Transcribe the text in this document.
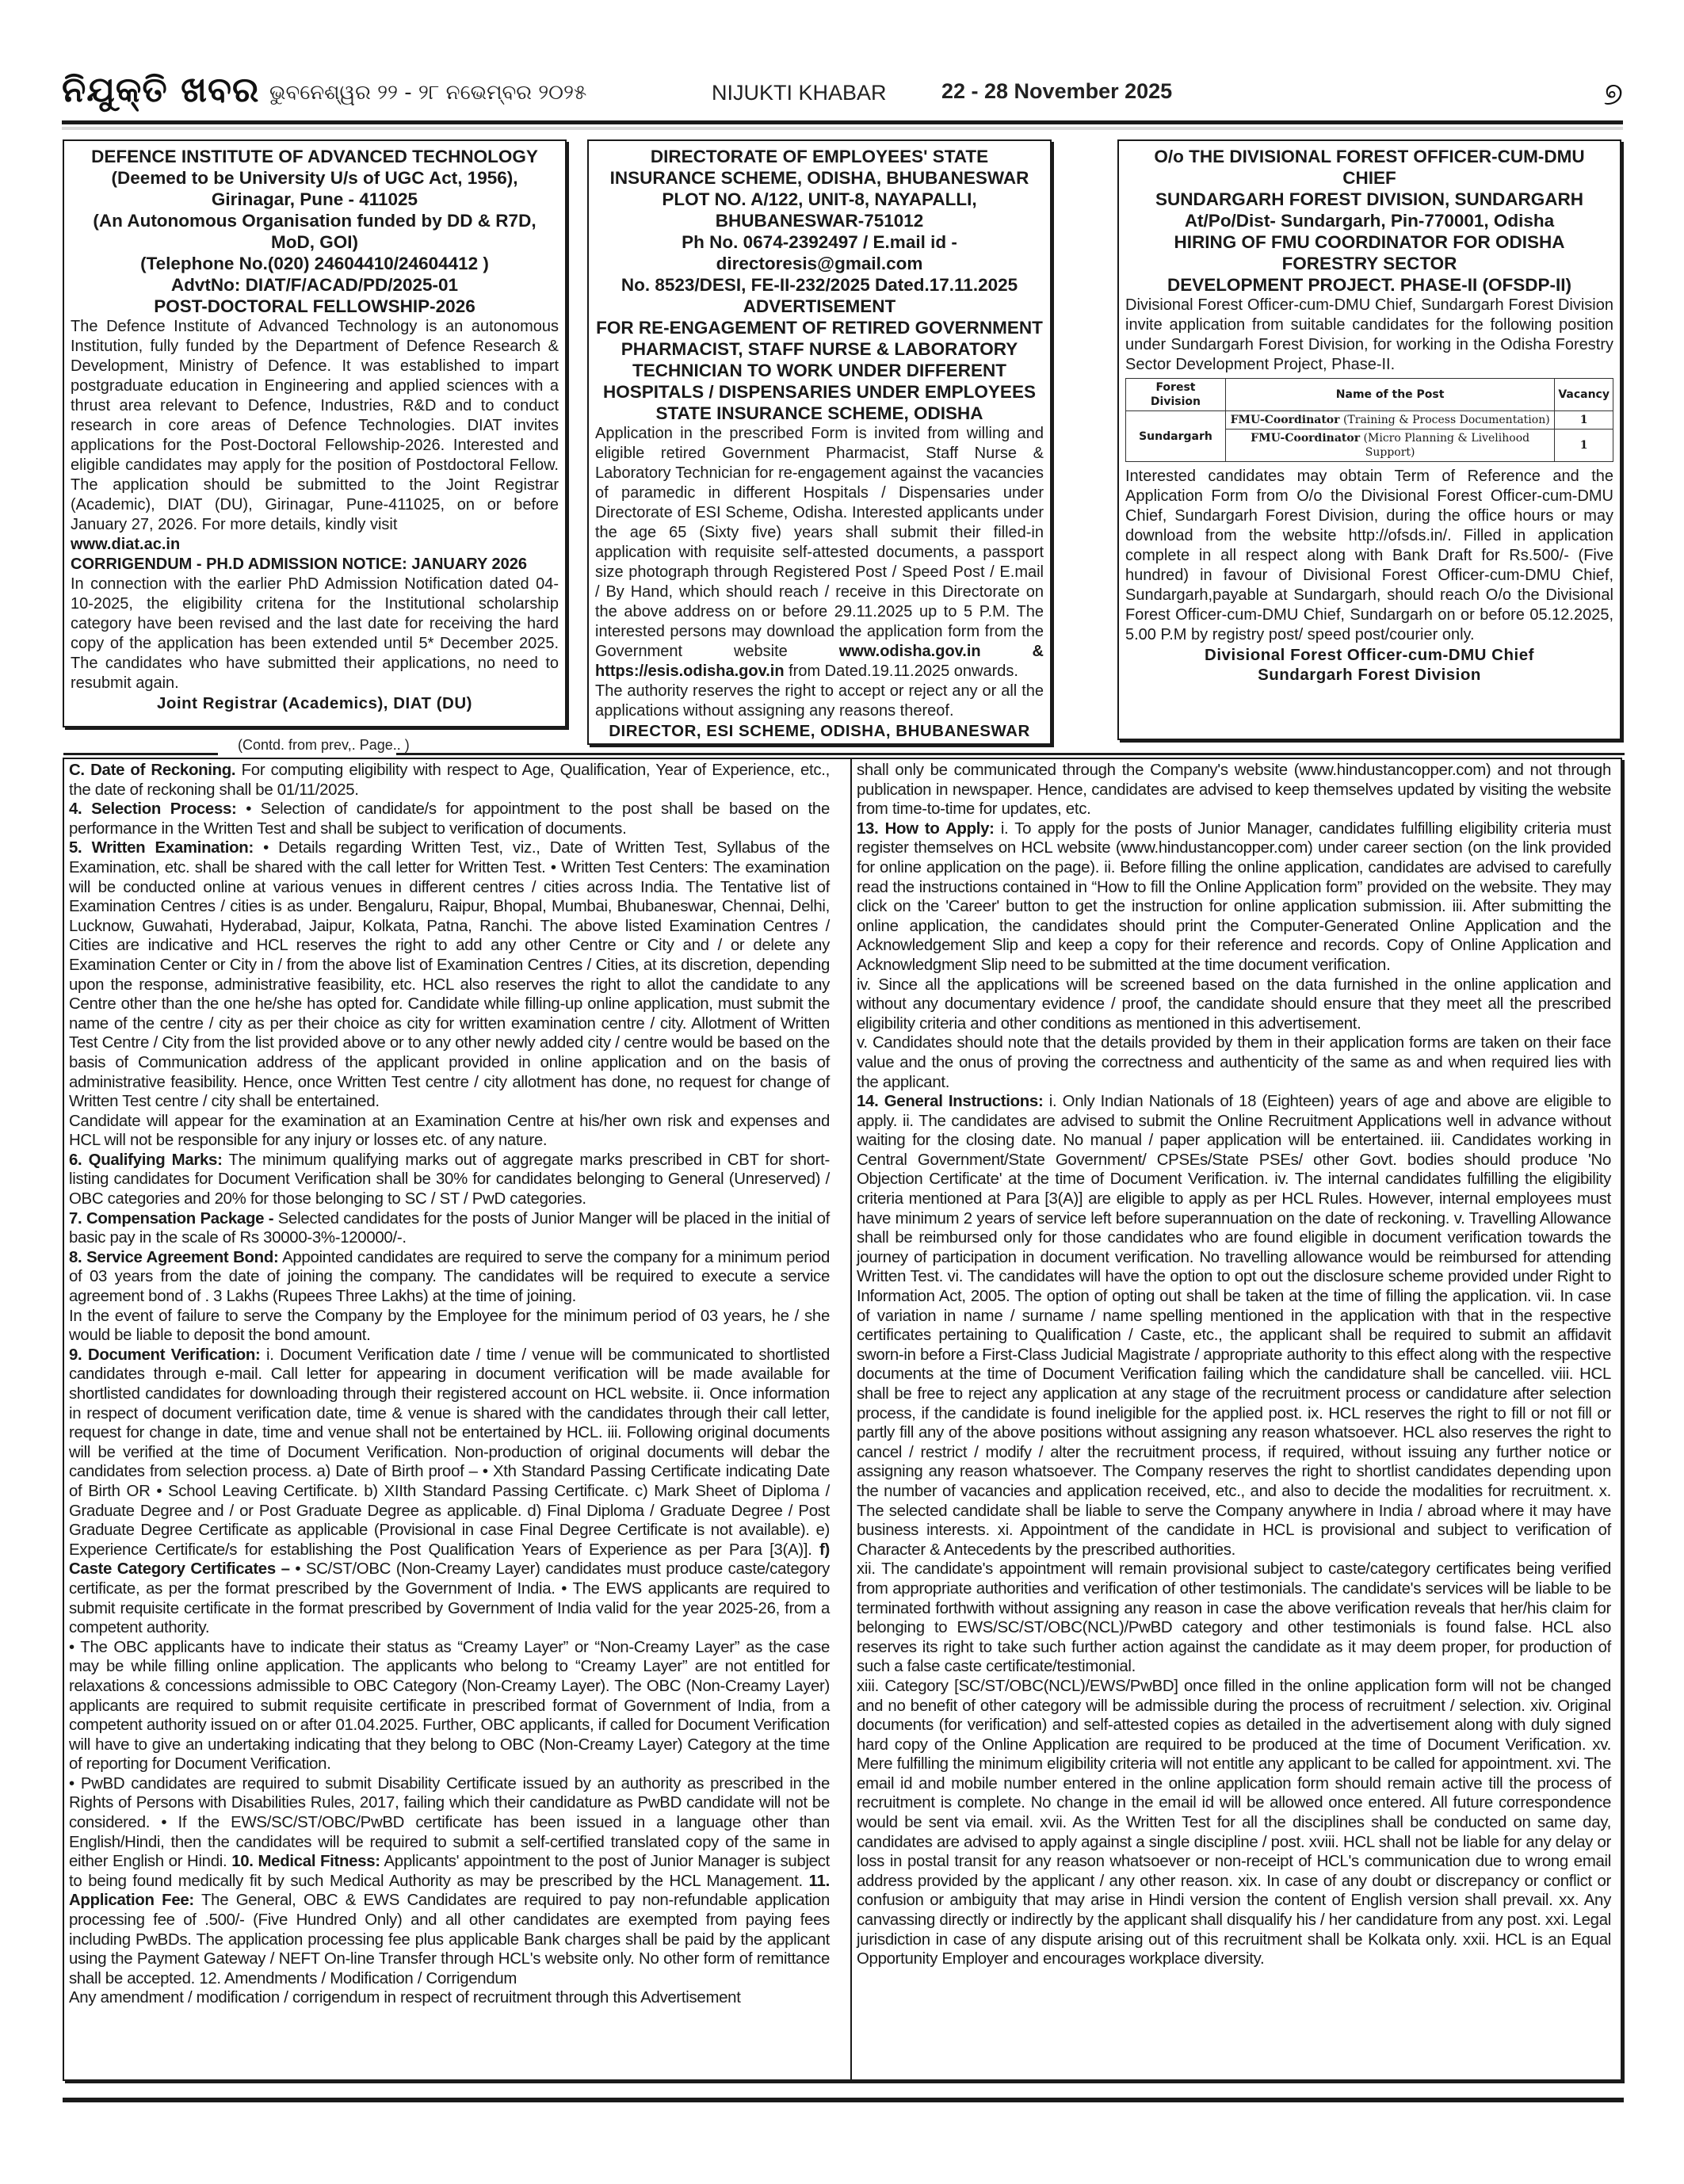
ନିଯୁକ୍ତି ଖବର ଭୁବନେଶ୍ୱର ୨୨ - ୨୮ ନଭେମ୍ବର ୨୦୨୫	NIJUKTI KHABAR	22 - 28 November 2025	୭
DEFENCE INSTITUTE OF ADVANCED TECHNOLOGY
(Deemed to be University U/s of UGC Act, 1956),
Girinagar, Pune - 411025
(An Autonomous Organisation funded by DD & R7D, MoD, GOI)
(Telephone No.(020) 24604410/24604412 )
AdvtNo: DIAT/F/ACAD/PD/2025-01
POST-DOCTORAL FELLOWSHIP-2026
The Defence Institute of Advanced Technology is an autonomous Institution, fully funded by the Department of Defence Research & Development, Ministry of Defence. It was established to impart postgraduate education in Engineering and applied sciences with a thrust area relevant to Defence, Industries, R&D and to conduct research in core areas of Defence Technologies. DIAT invites applications for the Post-Doctoral Fellowship-2026. Interested and eligible candidates may apply for the position of Postdoctoral Fellow. The application should be submitted to the Joint Registrar (Academic), DIAT (DU), Girinagar, Pune-411025, on or before January 27, 2026. For more details, kindly visit
www.diat.ac.in
CORRIGENDUM - PH.D ADMISSION NOTICE: JANUARY 2026
In connection with the earlier PhD Admission Notification dated 04-10-2025, the eligibility critena for the Institutional scholarship category have been revised and the last date for receiving the hard copy of the application has been extended until 5* December 2025. The candidates who have submitted their applications, no need to resubmit again.
Joint Registrar (Academics), DIAT (DU)
DIRECTORATE OF EMPLOYEES' STATE INSURANCE SCHEME, ODISHA, BHUBANESWAR
PLOT NO. A/122, UNIT-8, NAYAPALLI, BHUBANESWAR-751012
Ph No. 0674-2392497 / E.mail id - directoresis@gmail.com
No. 8523/DESI, FE-II-232/2025 Dated.17.11.2025
ADVERTISEMENT
FOR RE-ENGAGEMENT OF RETIRED GOVERNMENT PHARMACIST, STAFF NURSE & LABORATORY TECHNICIAN TO WORK UNDER DIFFERENT HOSPITALS / DISPENSARIES UNDER EMPLOYEES STATE INSURANCE SCHEME, ODISHA
Application in the prescribed Form is invited from willing and eligible retired Government Pharmacist, Staff Nurse & Laboratory Technician for re-engagement against the vacancies of paramedic in different Hospitals / Dispensaries under Directorate of ESI Scheme, Odisha. Interested applicants under the age 65 (Sixty five) years shall submit their filled-in application with requisite self-attested documents, a passport size photograph through Registered Post / Speed Post / E.mail / By Hand, which should reach / receive in this Directorate on the above address on or before 29.11.2025 up to 5 P.M. The interested persons may download the application form from the Government website	www.odisha.gov.in & https://esis.odisha.gov.in from Dated.19.11.2025 onwards.
The authority reserves the right to accept or reject any or all the applications without assigning any reasons thereof.
DIRECTOR, ESI SCHEME, ODISHA, BHUBANESWAR
O/o THE DIVISIONAL FOREST OFFICER-CUM-DMU CHIEF
SUNDARGARH FOREST DIVISION, SUNDARGARH
At/Po/Dist- Sundargarh, Pin-770001, Odisha
HIRING OF FMU COORDINATOR FOR ODISHA FORESTRY SECTOR
DEVELOPMENT PROJECT. PHASE-II (OFSDP-II)
Divisional Forest Officer-cum-DMU Chief, Sundargarh Forest Division invite application from suitable candidates for the following position under Sundargarh Forest Division, for working in the Odisha Forestry Sector Development Project, Phase-II.
Forest Division	Name of the Post	Vacancy
Sundargarh	FMU-Coordinator (Training & Process Documentation)	1
	FMU-Coordinator (Micro Planning & Livelihood Support)	1
Interested candidates may obtain Term of Reference and the Application Form from O/o the Divisional Forest Officer-cum-DMU Chief, Sundargarh Forest Division, during the office hours or may download from the website http://ofsds.in/. Filled in application complete in all respect along with Bank Draft for Rs.500/- (Five hundred) in favour of Divisional Forest Officer-cum-DMU Chief, Sundargarh,payable at Sundargarh, should reach O/o the Divisional Forest Officer-cum-DMU Chief, Sundargarh on or before 05.12.2025, 5.00 P.M by registry post/ speed post/courier only.
Divisional Forest Officer-cum-DMU Chief
Sundargarh Forest Division
(Contd. from prev,. Page.. )

C. Date of Reckoning. For computing eligibility with respect to Age, Qualification, Year of Experience, etc., the date of reckoning shall be 01/11/2025.

4. Selection Process: • Selection of candidate/s for appointment to the post shall be based on the performance in the Written Test and shall be subject to verification of documents.

5. Written Examination: • Details regarding Written Test, viz., Date of Written Test, Syllabus of the Examination, etc. shall be shared with the call letter for Written Test. • Written Test Centers: The examination will be conducted online at various venues in different centres / cities across India. The Tentative list of Examination Centres / cities is as under. Bengaluru, Raipur, Bhopal, Mumbai, Bhubaneswar, Chennai, Delhi, Lucknow, Guwahati, Hyderabad, Jaipur, Kolkata, Patna, Ranchi. The above listed Examination Centres / Cities are indicative and HCL reserves the right to add any other Centre or City and / or delete any Examination Center or City in / from the above list of Examination Centres / Cities, at its discretion, depending upon the response, administrative feasibility, etc. HCL also reserves the right to allot the candidate to any Centre other than the one he/she has opted for. Candidate while filling-up online application, must submit the name of the centre / city as per their choice as city for written examination centre / city. Allotment of Written Test Centre / City from the list provided above or to any other newly added city / centre would be based on the basis of Communication address of the applicant provided in online application and on the basis of administrative feasibility. Hence, once Written Test centre / city allotment has done, no request for change of Written Test centre / city shall be entertained.

Candidate will appear for the examination at an Examination Centre at his/her own risk and expenses and HCL will not be responsible for any injury or losses etc. of any nature.

6. Qualifying Marks: The minimum qualifying marks out of aggregate marks prescribed in CBT for short-listing candidates for Document Verification shall be 30% for candidates belonging to General (Unreserved) / OBC categories and 20% for those belonging to SC / ST / PwD categories.

7. Compensation Package - Selected candidates for the posts of Junior Manger will be placed in the initial of basic pay in the scale of Rs 30000-3%-120000/-.

8. Service Agreement Bond: Appointed candidates are required to serve the company for a minimum period of 03 years from the date of joining the company. The candidates will be required to execute a service agreement bond of . 3 Lakhs (Rupees Three Lakhs) at the time of joining.

In the event of failure to serve the Company by the Employee for the minimum period of 03 years, he / she would be liable to deposit the bond amount.

9. Document Verification: i. Document Verification date / time / venue will be communicated to shortlisted candidates through e-mail. Call letter for appearing in document verification will be made available for shortlisted candidates for downloading through their registered account on HCL website. ii. Once information in respect of document verification date, time & venue is shared with the candidates through their call letter, request for change in date, time and venue shall not be entertained by HCL. iii. Following original documents will be verified at the time of Document Verification. Non-production of original documents will debar the candidates from selection process. a) Date of Birth proof – • Xth Standard Passing Certificate indicating Date of Birth OR • School Leaving Certificate. b) XIIth Standard Passing Certificate. c) Mark Sheet of Diploma / Graduate Degree and / or Post Graduate Degree as applicable. d) Final Diploma / Graduate Degree / Post Graduate Degree Certificate as applicable (Provisional in case Final Degree Certificate is not available). e) Experience Certificate/s for establishing the Post Qualification Years of Experience as per Para [3(A)]. f) Caste Category Certificates – • SC/ST/OBC (Non-Creamy Layer) candidates must produce caste/category certificate, as per the format prescribed by the Government of India. • The EWS applicants are required to submit requisite certificate in the format prescribed by Government of India valid for the year 2025-26, from a competent authority.

• The OBC applicants have to indicate their status as “Creamy Layer” or “Non-Creamy Layer” as the case may be while filling online application. The applicants who belong to “Creamy Layer” are not entitled for relaxations & concessions admissible to OBC Category (Non-Creamy Layer). The OBC (Non-Creamy Layer) applicants are required to submit requisite certificate in prescribed format of Government of India, from a competent authority issued on or after 01.04.2025. Further, OBC applicants, if called for Document Verification will have to give an undertaking indicating that they belong to OBC (Non-Creamy Layer) Category at the time of reporting for Document Verification.

• PwBD candidates are required to submit Disability Certificate issued by an authority as prescribed in the Rights of Persons with Disabilities Rules, 2017, failing which their candidature as PwBD candidate will not be considered. • If the EWS/SC/ST/OBC/PwBD certificate has been issued in a language other than English/Hindi, then the candidates will be required to submit a self-certified translated copy of the same in either English or Hindi. 10. Medical Fitness: Applicants' appointment to the post of Junior Manager is subject to being found medically fit by such Medical Authority as may be prescribed by the HCL Management. 11. Application Fee: The General, OBC & EWS Candidates are required to pay non-refundable application processing fee of .500/- (Five Hundred Only) and all other candidates are exempted from paying fees including PwBDs. The application processing fee plus applicable Bank charges shall be paid by the applicant using the Payment Gateway / NEFT On-line Transfer through HCL's website only. No other form of remittance shall be accepted. 12. Amendments / Modification / Corrigendum

Any amendment / modification / corrigendum in respect of recruitment through this Advertisement

shall only be communicated through the Company's website (www.hindustancopper.com) and not through publication in newspaper. Hence, candidates are advised to keep themselves updated by visiting the website from time-to-time for updates, etc.

13. How to Apply: i. To apply for the posts of Junior Manager, candidates fulfilling eligibility criteria must register themselves on HCL website (www.hindustancopper.com) under career section (on the link provided for online application on the page). ii. Before filling the online application, candidates are advised to carefully read the instructions contained in “How to fill the Online Application form” provided on the website. They may click on the 'Career' button to get the instruction for online application submission. iii. After submitting the online application, the candidates should print the Computer-Generated Online Application and the Acknowledgement Slip and keep a copy for their reference and records. Copy of Online Application and Acknowledgment Slip need to be submitted at the time document verification.

iv. Since all the applications will be screened based on the data furnished in the online application and without any documentary evidence / proof, the candidate should ensure that they meet all the prescribed eligibility criteria and other conditions as mentioned in this advertisement.

v. Candidates should note that the details provided by them in their application forms are taken on their face value and the onus of proving the correctness and authenticity of the same as and when required lies with the applicant.

14. General Instructions: i. Only Indian Nationals of 18 (Eighteen) years of age and above are eligible to apply. ii. The candidates are advised to submit the Online Recruitment Applications well in advance without waiting for the closing date. No manual / paper application will be entertained. iii. Candidates working in Central Government/State Government/ CPSEs/State PSEs/ other Govt. bodies should produce 'No Objection Certificate' at the time of Document Verification. iv. The internal candidates fulfilling the eligibility criteria mentioned at Para [3(A)] are eligible to apply as per HCL Rules. However, internal employees must have minimum 2 years of service left before superannuation on the date of reckoning. v. Travelling Allowance shall be reimbursed only for those candidates who are found eligible in document verification towards the journey of participation in document verification. No travelling allowance would be reimbursed for attending Written Test. vi. The candidates will have the option to opt out the disclosure scheme provided under Right to Information Act, 2005. The option of opting out shall be taken at the time of filling the application. vii. In case of variation in name / surname / name spelling mentioned in the application with that in the respective certificates pertaining to Qualification / Caste, etc., the applicant shall be required to submit an affidavit sworn-in before a First-Class Judicial Magistrate / appropriate authority to this effect along with the respective documents at the time of Document Verification failing which the candidature shall be cancelled. viii. HCL shall be free to reject any application at any stage of the recruitment process or candidature after selection process, if the candidate is found ineligible for the applied post. ix. HCL reserves the right to fill or not fill or partly fill any of the above positions without assigning any reason whatsoever. HCL also reserves the right to cancel / restrict / modify / alter the recruitment process, if required, without issuing any further notice or assigning any reason whatsoever. The Company reserves the right to shortlist candidates depending upon the number of vacancies and application received, etc., and also to decide the modalities for recruitment. x. The selected candidate shall be liable to serve the Company anywhere in India / abroad where it may have business interests. xi. Appointment of the candidate in HCL is provisional and subject to verification of Character & Antecedents by the prescribed authorities.

xii. The candidate's appointment will remain provisional subject to caste/category certificates being verified from appropriate authorities and verification of other testimonials. The candidate's services will be liable to be terminated forthwith without assigning any reason in case the above verification reveals that her/his claim for belonging to EWS/SC/ST/OBC(NCL)/PwBD category and other testimonials is found false. HCL also reserves its right to take such further action against the candidate as it may deem proper, for production of such a false caste certificate/testimonial.

xiii. Category [SC/ST/OBC(NCL)/EWS/PwBD] once filled in the online application form will not be changed and no benefit of other category will be admissible during the process of recruitment / selection. xiv. Original documents (for verification) and self-attested copies as detailed in the advertisement along with duly signed hard copy of the Online Application are required to be produced at the time of Document Verification. xv. Mere fulfilling the minimum eligibility criteria will not entitle any applicant to be called for appointment. xvi. The email id and mobile number entered in the online application form should remain active till the process of recruitment is complete. No change in the email id will be allowed once entered. All future correspondence would be sent via email. xvii. As the Written Test for all the disciplines shall be conducted on same day, candidates are advised to apply against a single discipline / post. xviii. HCL shall not be liable for any delay or loss in postal transit for any reason whatsoever or non-receipt of HCL's communication due to wrong email address provided by the applicant / any other reason. xix. In case of any doubt or discrepancy or conflict or confusion or ambiguity that may arise in Hindi version the content of English version shall prevail. xx. Any canvassing directly or indirectly by the applicant shall disqualify his / her candidature from any post. xxi. Legal jurisdiction in case of any dispute arising out of this recruitment shall be Kolkata only. xxii. HCL is an Equal Opportunity Employer and encourages workplace diversity.
